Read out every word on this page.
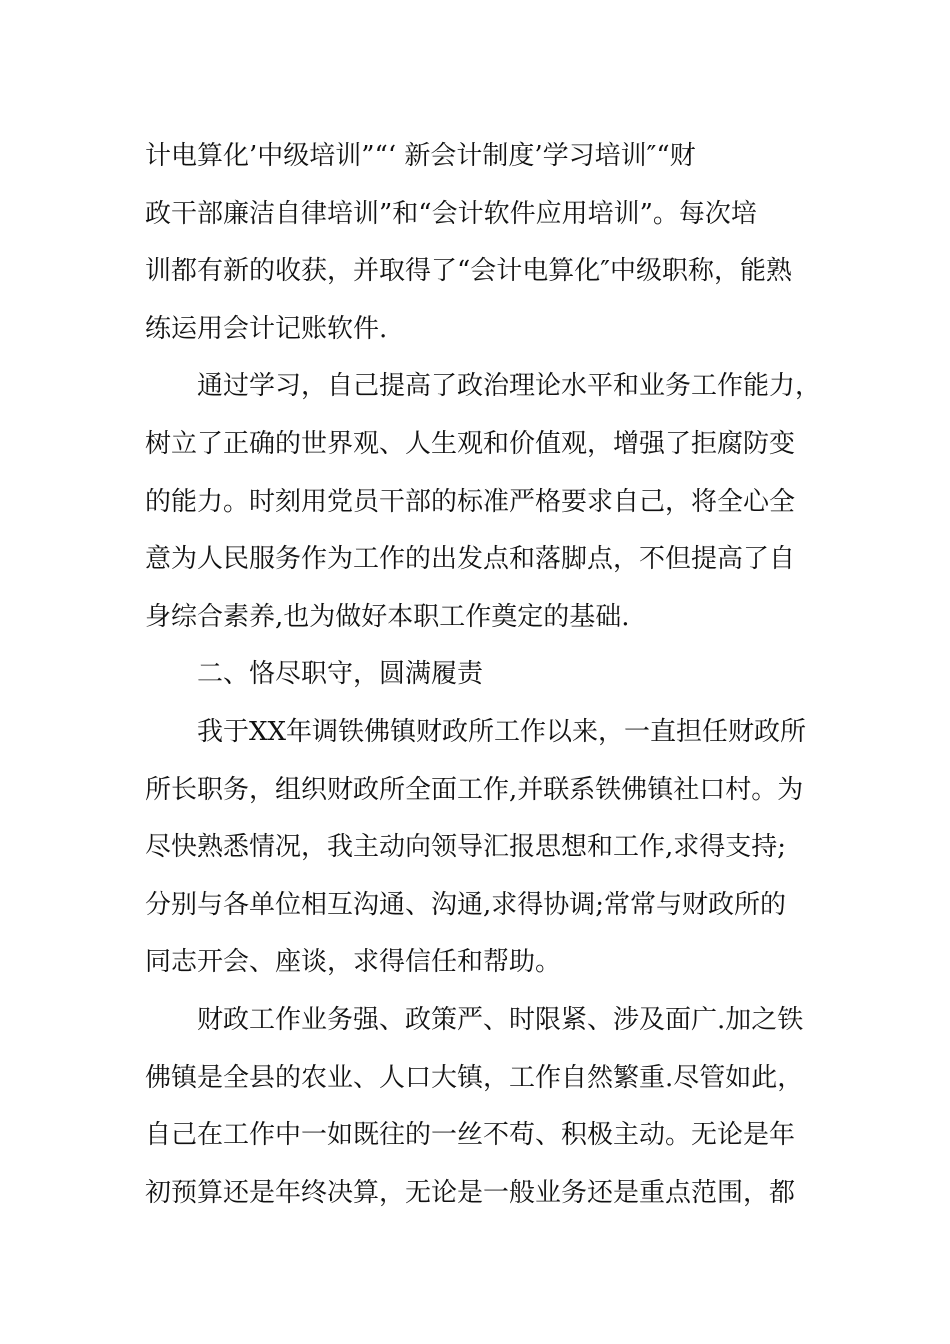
计电算化’中级培训”“‘ 新会计制度’学习培训″“财
政干部廉洁自律培训”和“会计软件应用培训”。每次培
训都有新的收获，并取得了“会计电算化″中级职称，能熟
练运用会计记账软件.
通过学习，自己提高了政治理论水平和业务工作能力，
树立了正确的世界观、人生观和价值观，增强了拒腐防变
的能力。时刻用党员干部的标准严格要求自己，将全心全
意为人民服务作为工作的出发点和落脚点，不但提高了自
身综合素养,也为做好本职工作奠定的基础.
二、恪尽职守，圆满履责
我于XX年调铁佛镇财政所工作以来，一直担任财政所
所长职务，组织财政所全面工作,并联系铁佛镇社口村。为
尽快熟悉情况，我主动向领导汇报思想和工作,求得支持;
分别与各单位相互沟通、沟通,求得协调;常常与财政所的
同志开会、座谈，求得信任和帮助。
财政工作业务强、政策严、时限紧、涉及面广.加之铁
佛镇是全县的农业、人口大镇，工作自然繁重.尽管如此，
自己在工作中一如既往的一丝不苟、积极主动。无论是年
初预算还是年终决算，无论是一般业务还是重点范围，都
